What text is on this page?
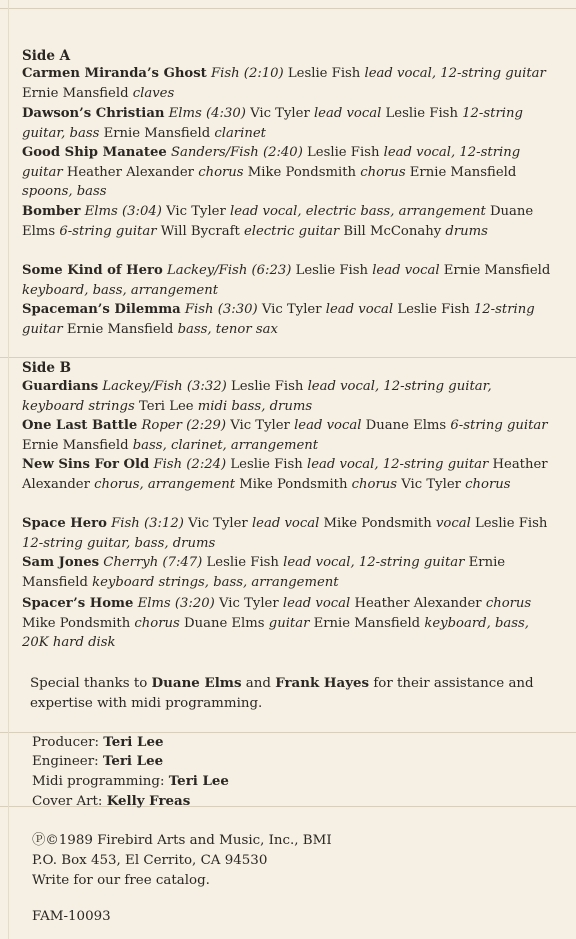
Side A
Carmen Miranda’s Ghost Fish (2:10) Leslie Fish lead vocal, 12-string guitar Ernie Mansfield claves
Dawson’s Christian Elms (4:30) Vic Tyler lead vocal Leslie Fish 12-string guitar, bass Ernie Mansfield clarinet
Good Ship Manatee Sanders/Fish (2:40) Leslie Fish lead vocal, 12-string guitar Heather Alexander chorus Mike Pondsmith chorus Ernie Mansfield spoons, bass
Bomber Elms (3:04) Vic Tyler lead vocal, electric bass, arrangement Duane Elms 6-string guitar Will Bycraft electric guitar Bill McConahy drums
Some Kind of Hero Lackey/Fish (6:23) Leslie Fish lead vocal Ernie Mansfield keyboard, bass, arrangement
Spaceman’s Dilemma Fish (3:30) Vic Tyler lead vocal Leslie Fish 12-string guitar Ernie Mansfield bass, tenor sax
Side B
Guardians Lackey/Fish (3:32) Leslie Fish lead vocal, 12-string guitar, keyboard strings Teri Lee midi bass, drums
One Last Battle Roper (2:29) Vic Tyler lead vocal Duane Elms 6-string guitar Ernie Mansfield bass, clarinet, arrangement
New Sins For Old Fish (2:24) Leslie Fish lead vocal, 12-string guitar Heather Alexander chorus, arrangement Mike Pondsmith chorus Vic Tyler chorus
Space Hero Fish (3:12) Vic Tyler lead vocal Mike Pondsmith vocal Leslie Fish 12-string guitar, bass, drums
Sam Jones Cherryh (7:47) Leslie Fish lead vocal, 12-string guitar Ernie Mansfield keyboard strings, bass, arrangement
Spacer’s Home Elms (3:20) Vic Tyler lead vocal Heather Alexander chorus Mike Pondsmith chorus Duane Elms guitar Ernie Mansfield keyboard, bass, 20K hard disk
Special thanks to Duane Elms and Frank Hayes for their assistance and expertise with midi programming.
Producer: Teri Lee
Engineer: Teri Lee
Midi programming: Teri Lee
Cover Art: Kelly Freas
Ⓟ©1989 Firebird Arts and Music, Inc., BMI
P.O. Box 453, El Cerrito, CA 94530
Write for our free catalog.
FAM-10093
